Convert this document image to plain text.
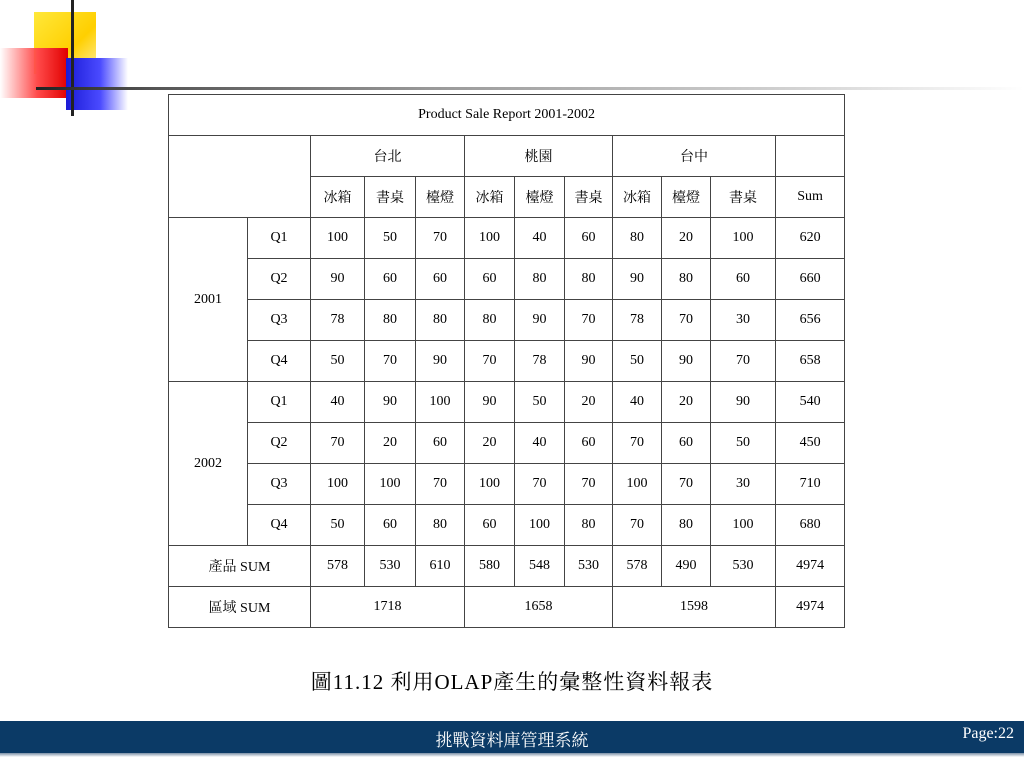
Product Sale Report 2001-2002											
		台北			桃園			台中			
		冰箱	書桌	檯燈	冰箱	檯燈	書桌	冰箱	檯燈	書桌	Sum
2001	Q1	100	50	70	100	40	60	80	20	100	620
	Q2	90	60	60	60	80	80	90	80	60	660
	Q3	78	80	80	80	90	70	78	70	30	656
	Q4	50	70	90	70	78	90	50	90	70	658
2002	Q1	40	90	100	90	50	20	40	20	90	540
	Q2	70	20	60	20	40	60	70	60	50	450
	Q3	100	100	70	100	70	70	100	70	30	710
	Q4	50	60	80	60	100	80	70	80	100	680
產品 SUM		578	530	610	580	548	530	578	490	530	4974
區域 SUM		1718			1658			1598			4974
圖11.12 利用OLAP產生的彙整性資料報表
挑戰資料庫管理系統	Page:22
